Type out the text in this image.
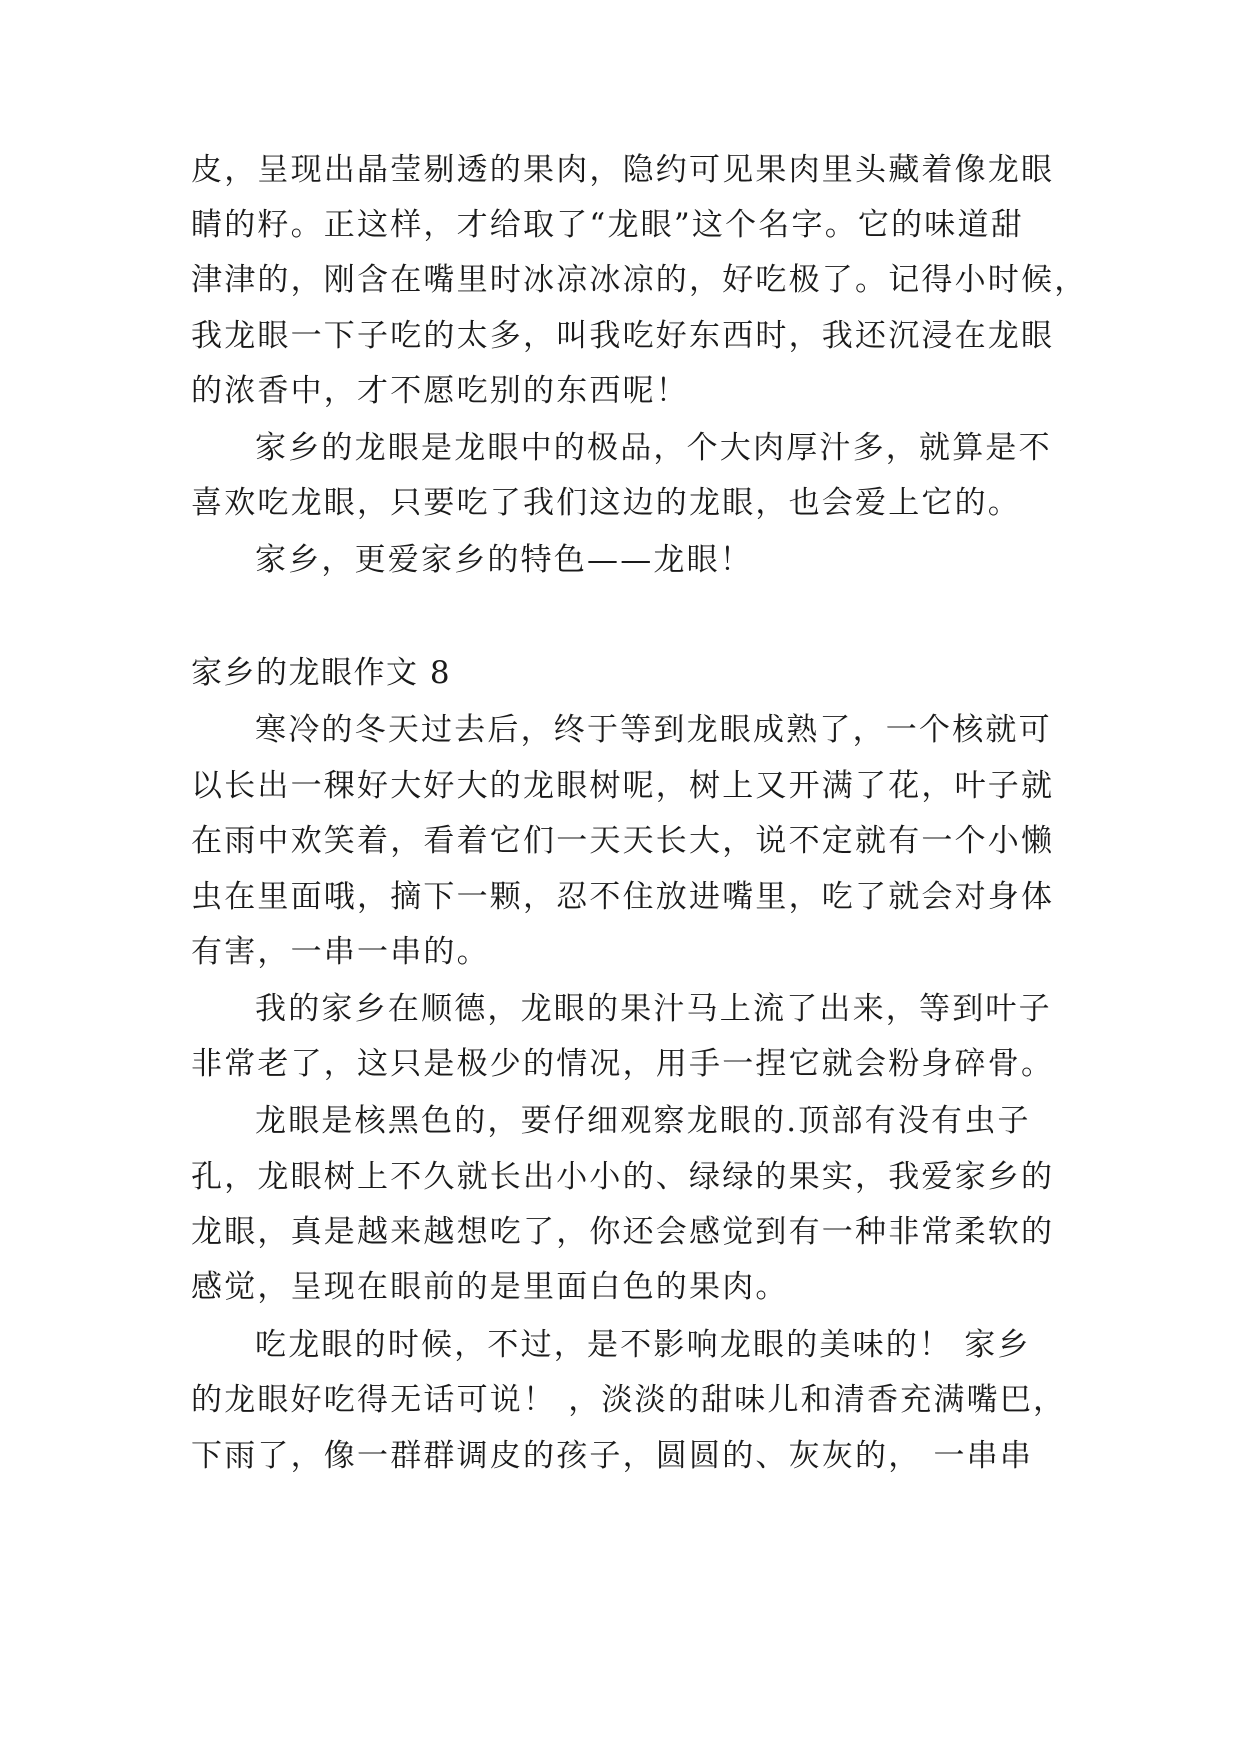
皮，呈现出晶莹剔透的果肉，隐约可见果肉里头藏着像龙眼
睛的籽。正这样，才给取了“龙眼”这个名字。它的味道甜
津津的，刚含在嘴里时冰凉冰凉的，好吃极了。记得小时候，
我龙眼一下子吃的太多，叫我吃好东西时，我还沉浸在龙眼
的浓香中，才不愿吃别的东西呢！
家乡的龙眼是龙眼中的极品，个大肉厚汁多，就算是不
喜欢吃龙眼，只要吃了我们这边的龙眼，也会爱上它的。
家乡，更爱家乡的特色——龙眼！
家乡的龙眼作文 8
寒冷的冬天过去后，终于等到龙眼成熟了，一个核就可
以长出一稞好大好大的龙眼树呢，树上又开满了花，叶子就
在雨中欢笑着，看着它们一天天长大，说不定就有一个小懒
虫在里面哦，摘下一颗，忍不住放进嘴里，吃了就会对身体
有害，一串一串的。
我的家乡在顺德，龙眼的果汁马上流了出来，等到叶子
非常老了，这只是极少的情况，用手一捏它就会粉身碎骨。
龙眼是核黑色的，要仔细观察龙眼的.顶部有没有虫子
孔，龙眼树上不久就长出小小的、绿绿的果实，我爱家乡的
龙眼，真是越来越想吃了，你还会感觉到有一种非常柔软的
感觉，呈现在眼前的是里面白色的果肉。
吃龙眼的时候，不过，是不影响龙眼的美味的！ 家乡
的龙眼好吃得无话可说！ ，淡淡的甜味儿和清香充满嘴巴，
下雨了，像一群群调皮的孩子，圆圆的、灰灰的， 一串串
